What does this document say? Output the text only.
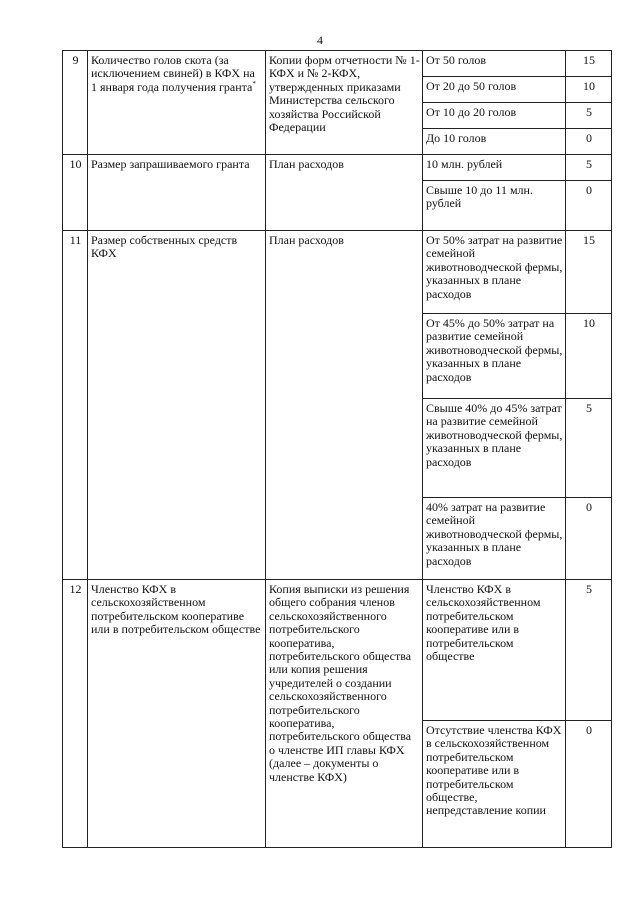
4
9	Количество голов скота (за исключением свиней) в КФХ на 1 января года получения гранта*	Копии форм отчетности № 1-КФХ и № 2-КФХ, утвержденных приказами Министерства сельского хозяйства Российской Федерации	От 50 голов	15
			От 20 до 50 голов	10
			От 10 до 20 голов	5
			До 10 голов	0
10	Размер запрашиваемого гранта	План расходов	10 млн. рублей	5
			Свыше 10 до 11 млн. рублей	0
11	Размер собственных средств КФХ	План расходов	От 50% затрат на развитие семейной животноводческой фермы, указанных в плане расходов	15
			От 45% до 50% затрат на развитие семейной животноводческой фермы, указанных в плане расходов	10
			Свыше 40% до 45% затрат на развитие семейной животноводческой фермы, указанных в плане расходов	5
			40% затрат на развитие семейной животноводческой фермы, указанных в плане расходов	0
12	Членство КФХ в сельскохозяйственном потребительском кооперативе или в потребительском обществе	Копия выписки из решения общего собрания членов сельскохозяйственного потребительского кооператива, потребительского общества или копия решения учредителей о создании сельскохозяйственного потребительского кооператива, потребительского общества о членстве ИП главы КФХ (далее – документы о членстве КФХ)	Членство КФХ в сельскохозяйственном потребительском кооперативе или в потребительском обществе	5
			Отсутствие членства КФХ в сельскохозяйственном потребительском кооперативе или в потребительском обществе, непредставление копии	0
